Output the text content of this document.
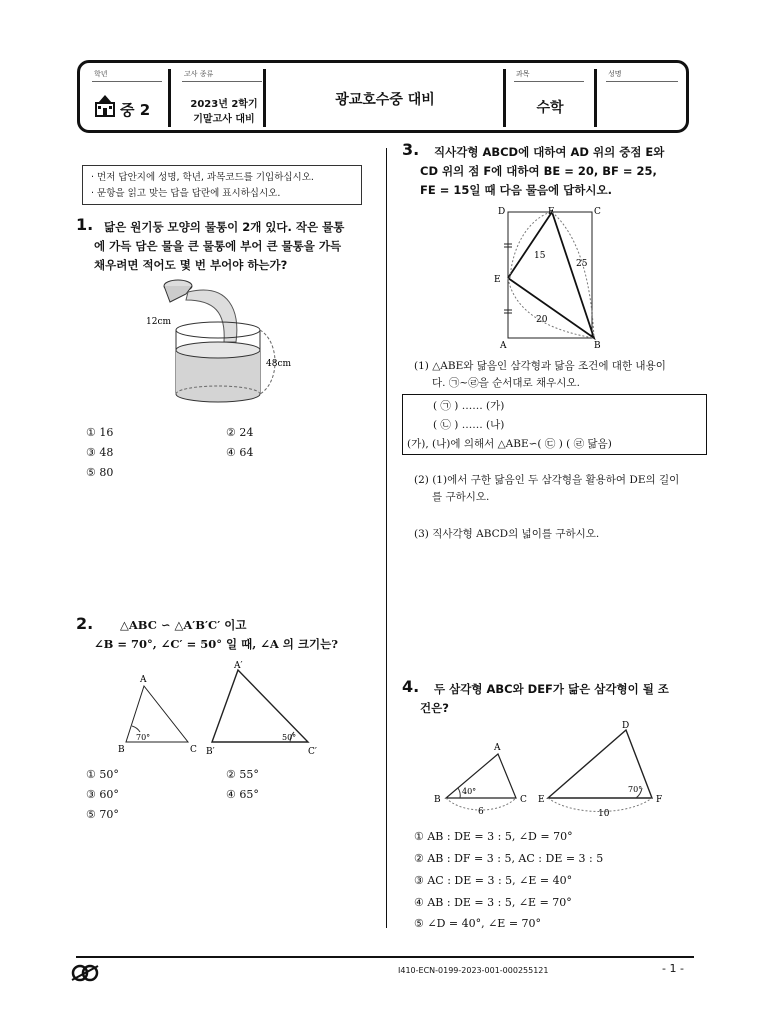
학년
중 2
고사 종류
2023년 2학기
기말고사 대비
광교호수중 대비
과목
수학
성명
· 먼저 답안지에 성명, 학년, 과목코드를 기입하십시오.
· 문항을 읽고 맞는 답을 답란에 표시하십시오.
1. 닮은 원기둥 모양의 물통이 2개 있다. 작은 물통
에 가득 담은 물을 큰 물통에 부어 큰 물통을 가득
채우려면 적어도 몇 번 부어야 하는가?
12cm
48cm
① 16	② 24
③ 48	④ 64
⑤ 80
2.	△ABC ∽ △A′B′C′ 이고
∠B = 70°, ∠C′ = 50° 일 때, ∠A 의 크기는?
A
B	C
70°
A′
B′	C′
50°
① 50°	② 55°
③ 60°	④ 65°
⑤ 70°
3.	직사각형 ABCD에 대하여 AD 위의 중점 E와
CD 위의 점 F에 대하여 BE = 20, BF = 25,
FE = 15일 때 다음 물음에 답하시오.
D	F	C
E
A	B
15
25
20
(1) △ABE와 닮음인 삼각형과 닮음 조건에 대한 내용이
다. ㉠~㉣을 순서대로 채우시오.
( ㉠ ) …… (가)
( ㉡ ) …… (나)
(가), (나)에 의해서 △ABE∽( ㉢ ) ( ㉣ 닮음)
(2) (1)에서 구한 닮음인 두 삼각형을 활용하여 DE의 길이
를 구하시오.
(3) 직사각형 ABCD의 넓이를 구하시오.
4.	두 삼각형 ABC와 DEF가 닮은 삼각형이 될 조
건은?
A
B	C
D
E	F
40°	70°
6	10
① AB : DE = 3 : 5, ∠D = 70°
② AB : DF = 3 : 5, AC : DE = 3 : 5
③ AC : DE = 3 : 5, ∠E = 40°
④ AB : DE = 3 : 5, ∠E = 70°
⑤ ∠D = 40°, ∠E = 70°
I410-ECN-0199-2023-001-000255121	- 1 -
